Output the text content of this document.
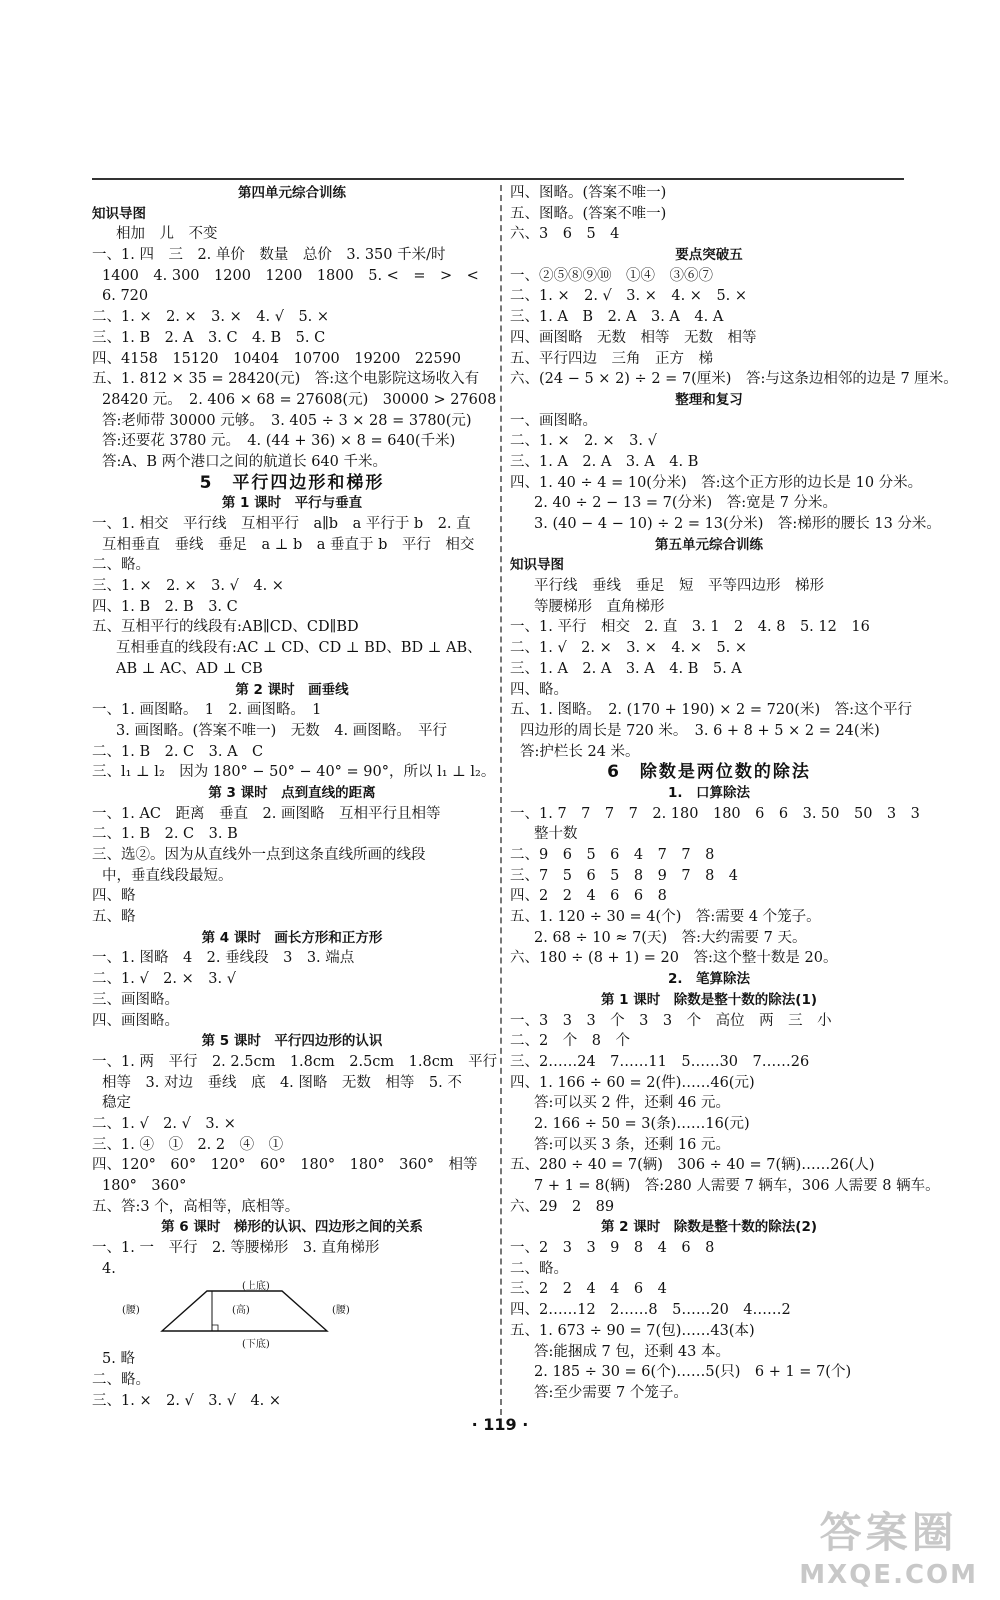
第四单元综合训练
知识导图
相加　儿　不变
一、1. 四　三　2. 单价　数量　总价　3. 350 千米/时
1400　4. 300　1200　1200　1800　5. <　=　>　<
6. 720
二、1. ×　2. ×　3. ×　4. √　5. ×
三、1. B　2. A　3. C　4. B　5. C
四、4158　15120　10404　10700　19200　22590
五、1. 812 × 35 = 28420(元)　答:这个电影院这场收入有
28420 元。　2. 406 × 68 = 27608(元)　30000 > 27608
答:老师带 30000 元够。　3. 405 ÷ 3 × 28 = 3780(元)
答:还要花 3780 元。　4. (44 + 36) × 8 = 640(千米)
答:A、B 两个港口之间的航道长 640 千米。
5　平行四边形和梯形
第 1 课时　平行与垂直
一、1. 相交　平行线　互相平行　a∥b　a 平行于 b　2. 直
互相垂直　垂线　垂足　a ⊥ b　a 垂直于 b　平行　相交
二、略。
三、1. ×　2. ×　3. √　4. ×
四、1. B　2. B　3. C
五、互相平行的线段有:AB∥CD、CD∥BD
互相垂直的线段有:AC ⊥ CD、CD ⊥ BD、BD ⊥ AB、
AB ⊥ AC、AD ⊥ CB
第 2 课时　画垂线
一、1. 画图略。　1　2. 画图略。　1
3. 画图略。(答案不唯一)　无数　4. 画图略。　平行
二、1. B　2. C　3. A　C
三、l₁ ⊥ l₂　因为 180° − 50° − 40° = 90°，所以 l₁ ⊥ l₂。
第 3 课时　点到直线的距离
一、1. AC　距离　垂直　2. 画图略　互相平行且相等
二、1. B　2. C　3. B
三、选②。因为从直线外一点到这条直线所画的线段
中，垂直线段最短。
四、略
五、略
第 4 课时　画长方形和正方形
一、1. 图略　4　2. 垂线段　3　3. 端点
二、1. √　2. ×　3. √
三、画图略。
四、画图略。
第 5 课时　平行四边形的认识
一、1. 两　平行　2. 2.5cm　1.8cm　2.5cm　1.8cm　平行
相等　3. 对边　垂线　底　4. 图略　无数　相等　5. 不
稳定
二、1. √　2. √　3. ×
三、1. ④　①　2. 2　④　①
四、120°　60°　120°　60°　180°　180°　360°　相等
180°　360°
五、答:3 个，高相等，底相等。
第 6 课时　梯形的认识、四边形之间的关系
一、1. 一　平行　2. 等腰梯形　3. 直角梯形
4.
(上底)
(腰)	(高)	(腰)
(下底)
5. 略
二、略。
三、1. ×　2. √　3. √　4. ×
四、图略。(答案不唯一)
五、图略。(答案不唯一)
六、3　6　5　4
要点突破五
一、②⑤⑧⑨⑩　①④　③⑥⑦
二、1. ×　2. √　3. ×　4. ×　5. ×
三、1. A　B　2. A　3. A　4. A
四、画图略　无数　相等　无数　相等
五、平行四边　三角　正方　梯
六、(24 − 5 × 2) ÷ 2 = 7(厘米)　答:与这条边相邻的边是 7 厘米。
整理和复习
一、画图略。
二、1. ×　2. ×　3. √
三、1. A　2. A　3. A　4. B
四、1. 40 ÷ 4 = 10(分米)　答:这个正方形的边长是 10 分米。
2. 40 ÷ 2 − 13 = 7(分米)　答:宽是 7 分米。
3. (40 − 4 − 10) ÷ 2 = 13(分米)　答:梯形的腰长 13 分米。
第五单元综合训练
知识导图
平行线　垂线　垂足　短　平等四边形　梯形
等腰梯形　直角梯形
一、1. 平行　相交　2. 直　3. 1　2　4. 8　5. 12　16
二、1. √　2. ×　3. ×　4. ×　5. ×
三、1. A　2. A　3. A　4. B　5. A
四、略。
五、1. 图略。　2. (170 + 190) × 2 = 720(米)　答:这个平行
四边形的周长是 720 米。　3. 6 + 8 + 5 × 2 = 24(米)
答:护栏长 24 米。
6　除数是两位数的除法
1.　口算除法
一、1. 7　7　7　7　2. 180　180　6　6　3. 50　50　3　3
整十数
二、9　6　5　6　4　7　7　8
三、7　5　6　5　8　9　7　8　4
四、2　2　4　6　6　8
五、1. 120 ÷ 30 = 4(个)　答:需要 4 个笼子。
2. 68 ÷ 10 ≈ 7(天)　答:大约需要 7 天。
六、180 ÷ (8 + 1) = 20　答:这个整十数是 20。
2.　笔算除法
第 1 课时　除数是整十数的除法(1)
一、3　3　3　个　3　3　个　高位　两　三　小
二、2　个　8　个
三、2……24　7……11　5……30　7……26
四、1. 166 ÷ 60 = 2(件)……46(元)
答:可以买 2 件，还剩 46 元。
2. 166 ÷ 50 = 3(条)……16(元)
答:可以买 3 条，还剩 16 元。
五、280 ÷ 40 = 7(辆)　306 ÷ 40 = 7(辆)……26(人)
7 + 1 = 8(辆)　答:280 人需要 7 辆车，306 人需要 8 辆车。
六、29　2　89
第 2 课时　除数是整十数的除法(2)
一、2　3　3　9　8　4　6　8
二、略。
三、2　2　4　4　6　4
四、2……12　2……8　5……20　4……2
五、1. 673 ÷ 90 = 7(包)……43(本)
答:能捆成 7 包，还剩 43 本。
2. 185 ÷ 30 = 6(个)……5(只)　6 + 1 = 7(个)
答:至少需要 7 个笼子。
· 119 ·
答案圈
MXQE.COM
